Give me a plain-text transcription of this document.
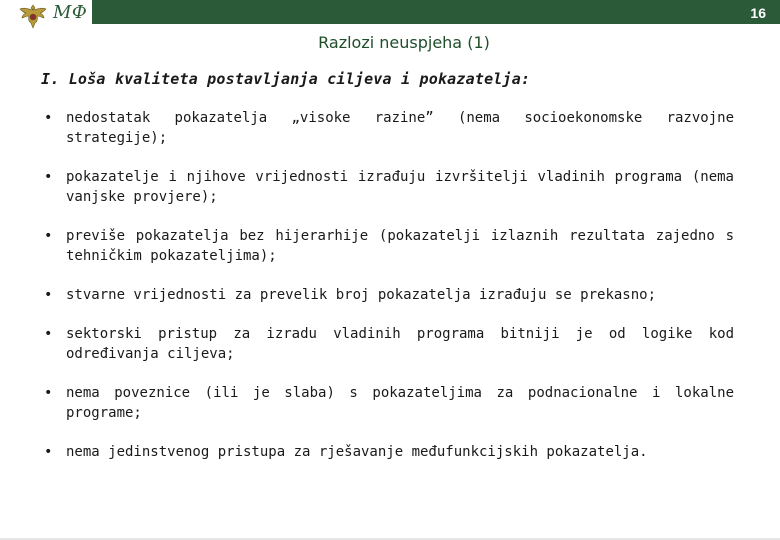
МФ	16
Razlozi neuspjeha (1)
I. Loša kvaliteta postavljanja ciljeva i pokazatelja:
• nedostatak pokazatelja „visoke razine” (nema socioekonomske razvojne strategije);
• pokazatelje i njihove vrijednosti izrađuju izvršitelji vladinih programa (nema vanjske provjere);
• previše pokazatelja bez hijerarhije (pokazatelji izlaznih rezultata zajedno s tehničkim pokazateljima);
• stvarne vrijednosti za prevelik broj pokazatelja izrađuju se prekasno;
• sektorski pristup za izradu vladinih programa bitniji je od logike kod određivanja ciljeva;
• nema poveznice (ili je slaba) s pokazateljima za podnacionalne i lokalne programe;
• nema jedinstvenog pristupa za rješavanje međufunkcijskih pokazatelja.
